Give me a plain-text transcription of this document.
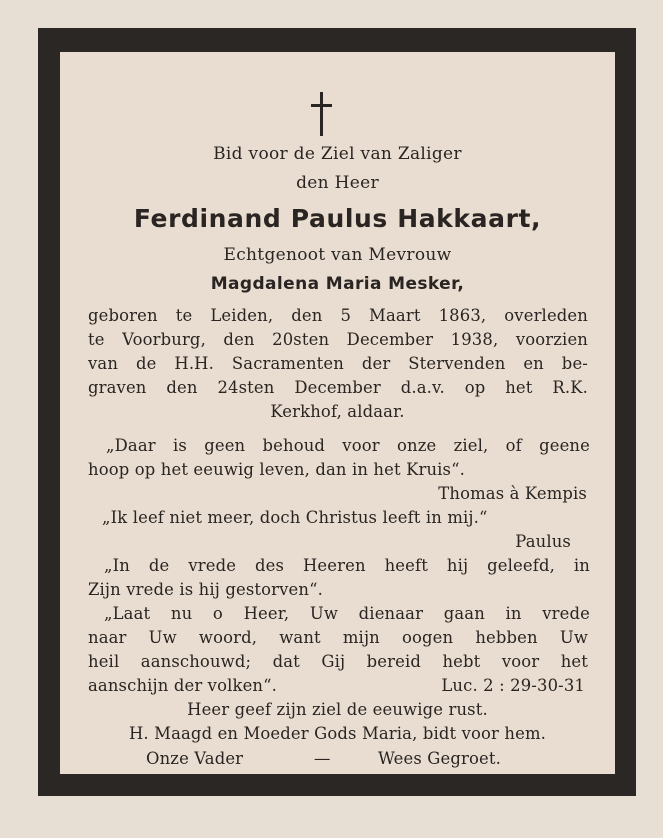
Bid voor de Ziel van Zaliger
den Heer
Ferdinand Paulus Hakkaart,
Echtgenoot van Mevrouw
Magdalena Maria Mesker,
geboren te Leiden, den 5 Maart 1863, overleden
te Voorburg, den 20sten December 1938, voorzien
van de H.H. Sacramenten der Stervenden en be-
graven den 24sten December d.a.v. op het R.K.
Kerkhof, aldaar.
„Daar is geen behoud voor onze ziel, of geene
hoop op het eeuwig leven, dan in het Kruis“.
Thomas à Kempis
„Ik leef niet meer, doch Christus leeft in mij.“
Paulus
„In de vrede des Heeren heeft hij geleefd, in
Zijn vrede is hij gestorven“.
„Laat nu o Heer, Uw dienaar gaan in vrede
naar Uw woord, want mijn oogen hebben Uw
heil aanschouwd; dat Gij bereid hebt voor het
aanschijn der volken“.	Luc. 2 : 29-30-31
Heer geef zijn ziel de eeuwige rust.
H. Maagd en Moeder Gods Maria, bidt voor hem.
Onze Vader	—	Wees Gegroet.
